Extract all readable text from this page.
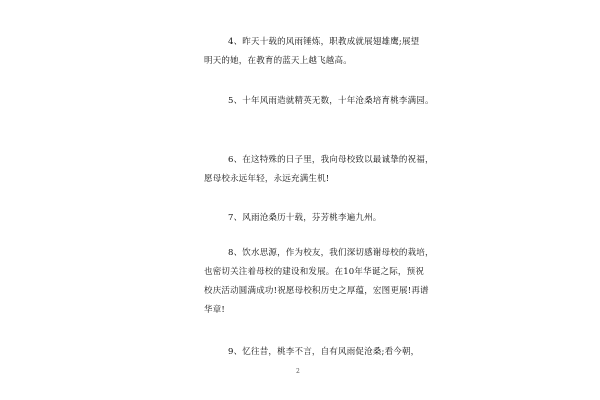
4、昨天十载的风雨锤炼，职教成就展翅雄鹰;展望
明天的她，在教育的蓝天上越飞越高。
5、十年风雨造就精英无数，十年沧桑培育桃李满园。
6、在这特殊的日子里，我向母校致以最诚挚的祝福，
愿母校永远年轻，永远充满生机!
7、风雨沧桑历十载，芬芳桃李遍九州。
8、饮水思源，作为校友，我们深切感谢母校的栽培，
也密切关注着母校的建设和发展。在10年华诞之际，预祝
校庆活动圆满成功!祝愿母校积历史之厚蕴，宏图更展!再谱
华章!
9、忆往昔，桃李不言，自有风雨促沧桑;看今朝，
2
